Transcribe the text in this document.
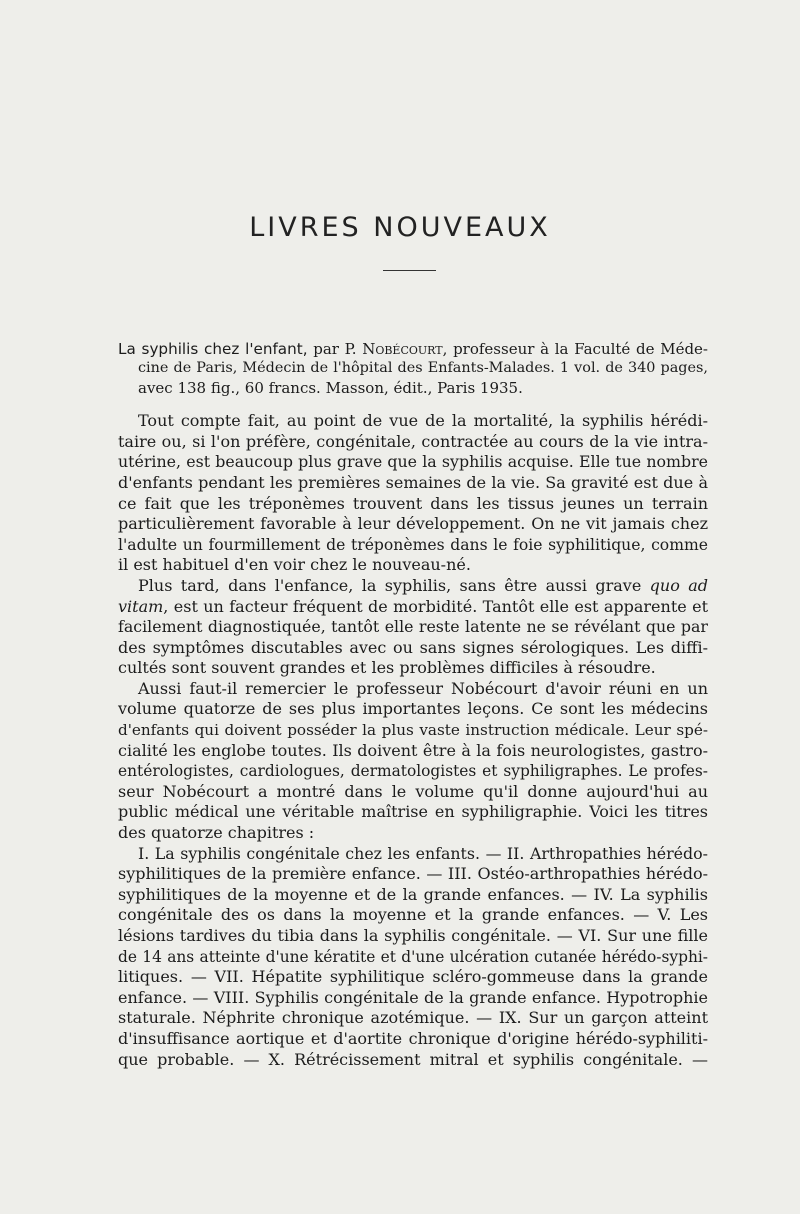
LIVRES NOUVEAUX
La syphilis chez l'enfant, par P. Nobécourt, professeur à la Faculté de Méde-
cine de Paris, Médecin de l'hôpital des Enfants-Malades. 1 vol. de 340 pages,
avec 138 fig., 60 francs. Masson, édit., Paris 1935.
Tout compte fait, au point de vue de la mortalité, la syphilis hérédi-
taire ou, si l'on préfère, congénitale, contractée au cours de la vie intra-
utérine, est beaucoup plus grave que la syphilis acquise. Elle tue nombre
d'enfants pendant les premières semaines de la vie. Sa gravité est due à
ce fait que les tréponèmes trouvent dans les tissus jeunes un terrain
particulièrement favorable à leur développement. On ne vit jamais chez
l'adulte un fourmillement de tréponèmes dans le foie syphilitique, comme
il est habituel d'en voir chez le nouveau-né.
Plus tard, dans l'enfance, la syphilis, sans être aussi grave quo ad
vitam, est un facteur fréquent de morbidité. Tantôt elle est apparente et
facilement diagnostiquée, tantôt elle reste latente ne se révélant que par
des symptômes discutables avec ou sans signes sérologiques. Les diffi-
cultés sont souvent grandes et les problèmes difficiles à résoudre.
Aussi faut-il remercier le professeur Nobécourt d'avoir réuni en un
volume quatorze de ses plus importantes leçons. Ce sont les médecins
d'enfants qui doivent posséder la plus vaste instruction médicale. Leur spé-
cialité les englobe toutes. Ils doivent être à la fois neurologistes, gastro-
entérologistes, cardiologues, dermatologistes et syphiligraphes. Le profes-
seur Nobécourt a montré dans le volume qu'il donne aujourd'hui au
public médical une véritable maîtrise en syphiligraphie. Voici les titres
des quatorze chapitres :
I. La syphilis congénitale chez les enfants. — II. Arthropathies hérédo-
syphilitiques de la première enfance. — III. Ostéo-arthropathies hérédo-
syphilitiques de la moyenne et de la grande enfances. — IV. La syphilis
congénitale des os dans la moyenne et la grande enfances. — V. Les
lésions tardives du tibia dans la syphilis congénitale. — VI. Sur une fille
de 14 ans atteinte d'une kératite et d'une ulcération cutanée hérédo-syphi-
litiques. — VII. Hépatite syphilitique scléro-gommeuse dans la grande
enfance. — VIII. Syphilis congénitale de la grande enfance. Hypotrophie
staturale. Néphrite chronique azotémique. — IX. Sur un garçon atteint
d'insuffisance aortique et d'aortite chronique d'origine hérédo-syphiliti-
que probable. — X. Rétrécissement mitral et syphilis congénitale. —
